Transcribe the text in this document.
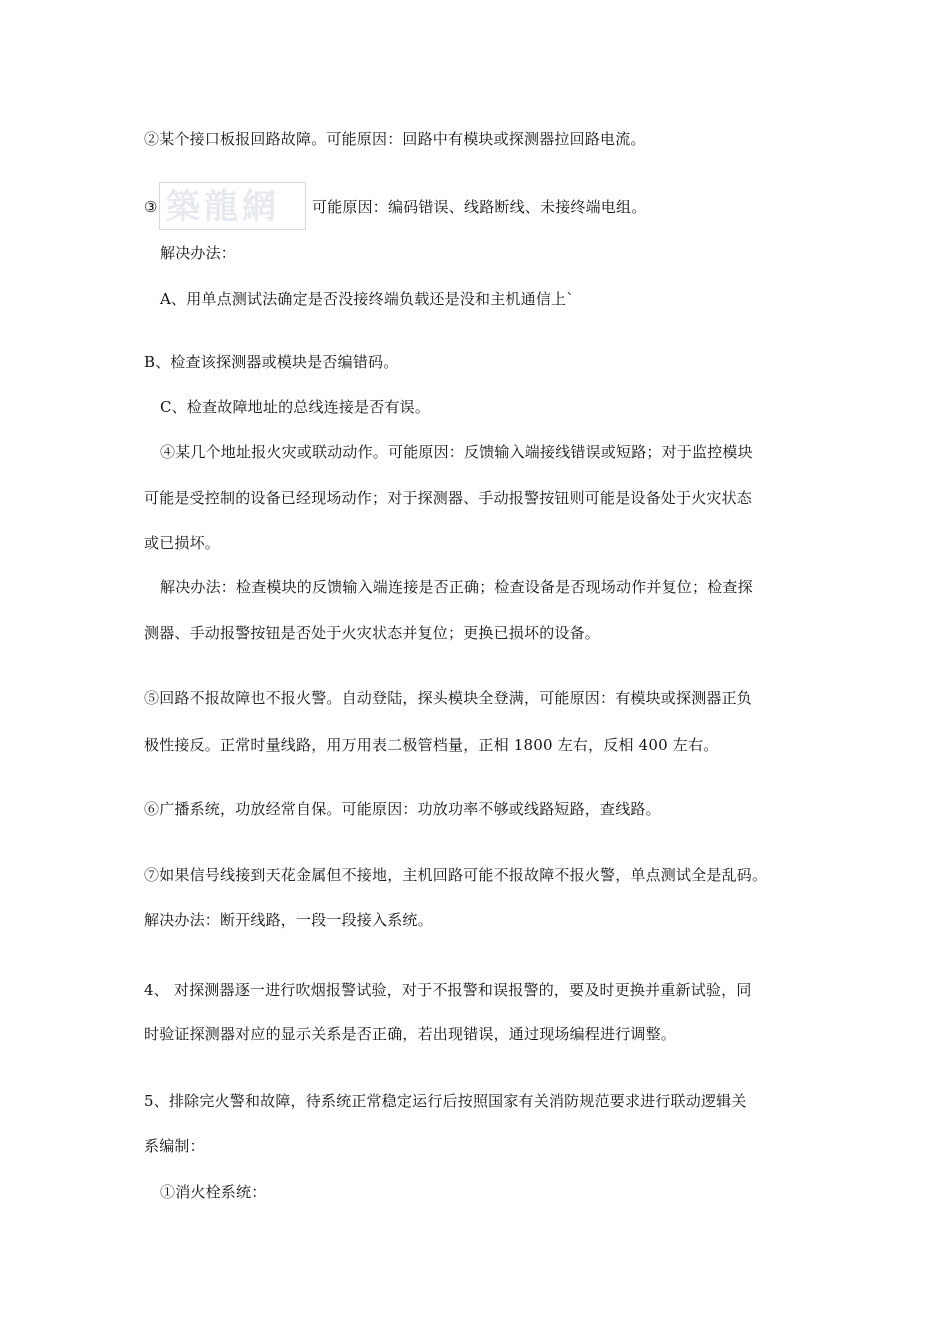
②某个接口板报回路故障。可能原因：回路中有模块或探测器拉回路电流。
③ 築龍網 可能原因：编码错误、线路断线、未接终端电组。
解决办法：
A、用单点测试法确定是否没接终端负载还是没和主机通信上`
B、检查该探测器或模块是否编错码。
C、检查故障地址的总线连接是否有误。
④某几个地址报火灾或联动动作。可能原因：反馈输入端接线错误或短路；对于监控模块
可能是受控制的设备已经现场动作；对于探测器、手动报警按钮则可能是设备处于火灾状态
或已损坏。
解决办法：检查模块的反馈输入端连接是否正确；检查设备是否现场动作并复位；检查探
测器、手动报警按钮是否处于火灾状态并复位；更换已损坏的设备。
⑤回路不报故障也不报火警。自动登陆，探头模块全登满，可能原因：有模块或探测器正负
极性接反。正常时量线路，用万用表二极管档量，正相 1800 左右，反相 400 左右。
⑥广播系统，功放经常自保。可能原因：功放功率不够或线路短路，查线路。
⑦如果信号线接到天花金属但不接地，主机回路可能不报故障不报火警，单点测试全是乱码。
解决办法：断开线路，一段一段接入系统。
4、 对探测器逐一进行吹烟报警试验，对于不报警和误报警的，要及时更换并重新试验，同
时验证探测器对应的显示关系是否正确，若出现错误，通过现场编程进行调整。
5、排除完火警和故障，待系统正常稳定运行后按照国家有关消防规范要求进行联动逻辑关
系编制：
①消火栓系统：
